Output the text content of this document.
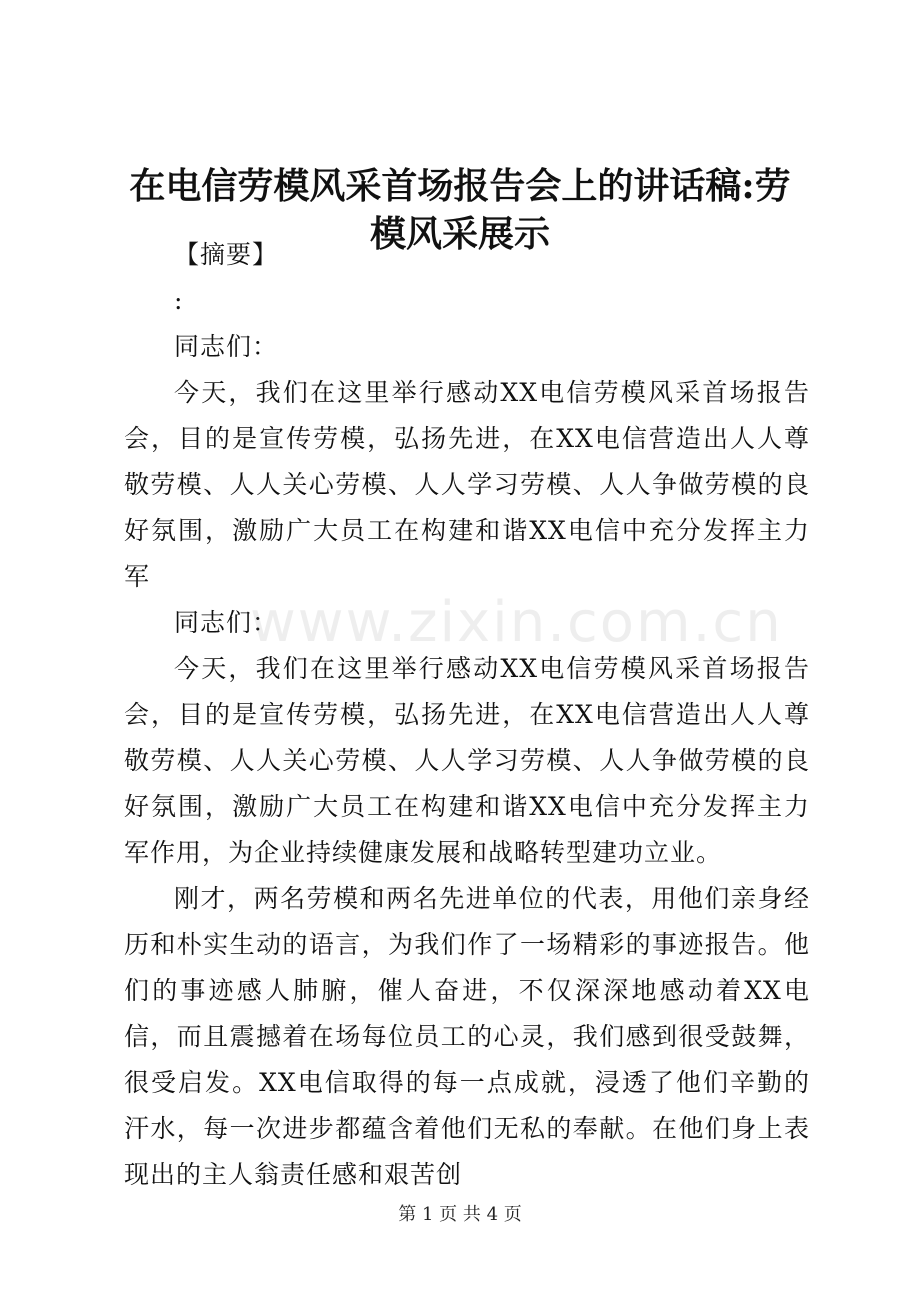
在电信劳模风采首场报告会上的讲话稿:劳模风采展示

【摘要】

:

同志们：

今天，我们在这里举行感动XX电信劳模风采首场报告会，目的是宣传劳模，弘扬先进，在XX电信营造出人人尊敬劳模、人人关心劳模、人人学习劳模、人人争做劳模的良好氛围，激励广大员工在构建和谐XX电信中充分发挥主力军

同志们：

今天，我们在这里举行感动XX电信劳模风采首场报告会，目的是宣传劳模，弘扬先进，在XX电信营造出人人尊敬劳模、人人关心劳模、人人学习劳模、人人争做劳模的良好氛围，激励广大员工在构建和谐XX电信中充分发挥主力军作用，为企业持续健康发展和战略转型建功立业。

刚才，两名劳模和两名先进单位的代表，用他们亲身经历和朴实生动的语言，为我们作了一场精彩的事迹报告。他们的事迹感人肺腑，催人奋进，不仅深深地感动着XX电信，而且震撼着在场每位员工的心灵，我们感到很受鼓舞，很受启发。XX电信取得的每一点成就，浸透了他们辛勤的汗水，每一次进步都蕴含着他们无私的奉献。在他们身上表现出的主人翁责任感和艰苦创

www.zixin.com.cn
第 1 页 共 4 页
